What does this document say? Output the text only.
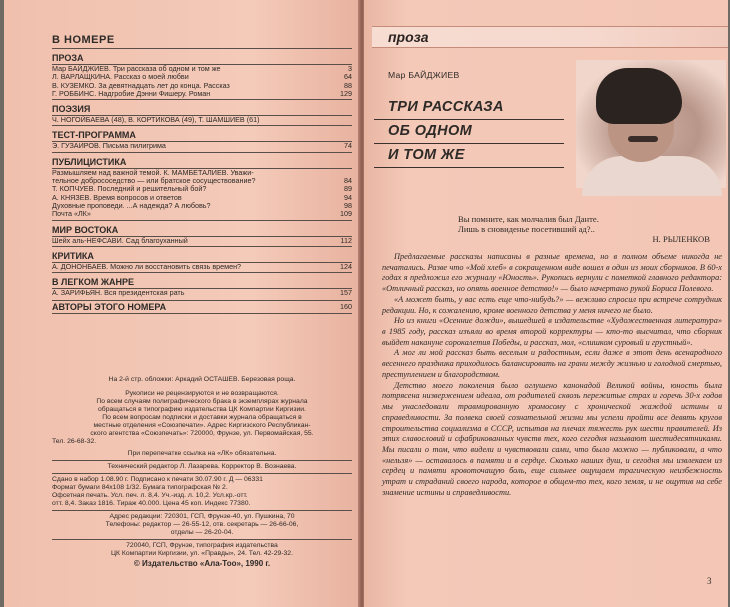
В НОМЕРЕ
ПРОЗА
Мар БАЙДЖИЕВ. Три рассказа об одном и том же	3
Л. ВАРЛАЩКИНА. Рассказ о моей любви	64
В. КУЗЕМКО. За девятнадцать лет до конца. Рассказ	88
Г. РОББИНС. Надгробие Дэнни Фишеру. Роман	129
ПОЭЗИЯ
Ч. НОГОЙБАЕВА (48), В. КОРТИКОВА (49), Т. ШАМШИЕВ (61)
ТЕСТ-ПРОГРАММА
Э. ГУЗАИРОВ. Письма пилигрима	74
ПУБЛИЦИСТИКА
Размышляем над важной темой. К. МАМБЕТАЛИЕВ. Уважи-
тельное добрососедство — или братское сосуществование?	84
Т. КОПЧУЕВ. Последний и решительный бой?	89
А. КНЯЗЕВ. Время вопросов и ответов	94
Духовные проповеди. ...А надежда? А любовь?	98
Почта «ЛК»	109
МИР ВОСТОКА
Шейх аль-НЕФСАВИ. Сад благоуханный	112
КРИТИКА
А. ДОНОНБАЕВ. Можно ли восстановить связь времен?	124
В ЛЕГКОМ ЖАНРЕ
А. ЗАРИФЬЯН. Вся президентская рать	157
АВТОРЫ ЭТОГО НОМЕРА	160
На 2-й стр. обложки: Аркадий ОСТАШЕВ. Березовая роща.
Рукописи не рецензируются и не возвращаются.
По всем случаям полиграфического брака в экземплярах журнала
обращаться в типографию издательства ЦК Компартии Киргизии.
По всем вопросам подписки и доставки журнала обращаться в
местные отделения «Союзпечати». Адрес Киргизского Республикан-
ского агентства «Союзпечать»: 720000, Фрунзе, ул. Первомайская, 55.
Тел. 26-68-32.
При перепечатке ссылка на «ЛК» обязательна.
Технический редактор Л. Лазарева. Корректор В. Вознаева.
Сдано в набор 1.08.90 г. Подписано к печати 30.07.90 г. Д — 06331
Формат бумаги 84x108 1/32. Бумага типографская № 2.
Офсетная печать. Усл. печ. л. 8,4. Уч.-изд. л. 10,2. Усл.кр.-отт.
отт. 8,4. Заказ 1816. Тираж 40.000. Цена 45 коп. Индекс 77380.
Адрес редакции: 720301, ГСП, Фрунзе-40, ул. Пушкина, 70
Телефоны: редактор — 26-55-12, отв. секретарь — 26-66-06,
отделы — 26-20-04.
720040, ГСП, Фрунзе, типография издательства
ЦК Компартии Киргизии, ул. «Правды», 24. Тел. 42-29-32.
© Издательство «Ала-Тоо», 1990 г.
проза
Мар БАЙДЖИЕВ
ТРИ РАССКАЗА
ОБ ОДНОМ
И ТОМ ЖЕ
Вы помните, как молчалив был Данте.
Лишь в сновиденье посетивший ад?..
Н. РЫЛЕНКОВ

Предлагаемые рассказы написаны в разные времена, но в полном объеме никогда не печатались. Разве что «Мой хлеб» в сокращенном виде вошел в один из моих сборников. В 60-х годах я предложил его журналу «Юность». Рукопись вернули с пометкой главного редактора: «Отличный рассказ, но опять военное детство!» — было начертано рукой Бориса Полевого.

«А может быть, у вас есть еще что-нибудь?» — вежливо спросил при встрече сотрудник редакции. Но, к сожалению, кроме военного детства у меня ничего не было.

Но из книги «Осенние дожди», вышедшей в издательстве «Художественная литература» в 1985 году, рассказ изъяли во время второй корректуры — кто-то высчитал, что сборник выйдет накануне сорокалетия Победы, и рассказ, мол, «слишком суровый и грустный».

А мог ли мой рассказ быть веселым и радостным, если даже в этот день всенародного весеннего праздника приходилось балансировать на грани между жизнью и голодной смертью, преступлением и благородством.

Детство моего поколения было оглушено канонадой Великой войны, юность была потрясена низвержением идеала, от родителей сквозь пережитые страх и горечь 30-х годов мы унаследовали травмированную хромосому с хронической жаждой истины и справедливости. За полвека своей сознательной жизни мы успели пройти все девять кругов строительства социализма в СССР, испытав на плечах тяжесть рук шести правителей. Из этих славословий и сфабрикованных чувств тех, кого сегодня называют шестидесятниками. Мы писали о том, что видели и чувствовали сами, что было можно — публиковали, а что «нельзя» — оставалось в памяти и в сердце. Сколько наших душ, и сегодня мы извлекаем из сердец и памяти кровоточащую боль, еще сильнее ощущаем трагическую неизбежность утрат и страданий своего народа, которое в общем-то тех, кого земля, и не ощутив на себе знамение истины и справедливости.

3
